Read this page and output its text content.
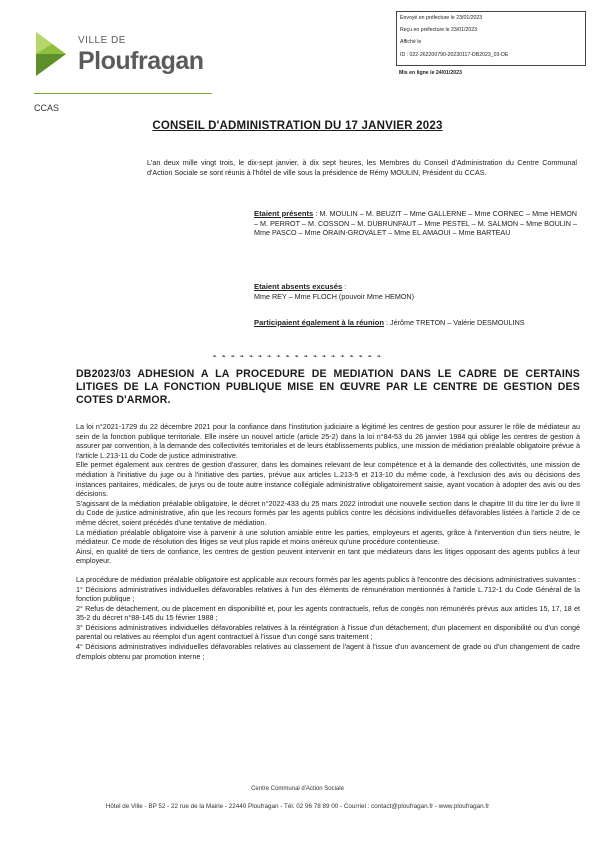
VILLE DE
Ploufragan
CCAS
Envoyé en préfecture le 23/01/2023
Reçu en préfecture le 23/01/2023
Affiché le
ID : 022-262200790-20230117-DB2023_03-DE
Mis en ligne le 24/01/2023
CONSEIL D'ADMINISTRATION DU 17 JANVIER 2023
L'an deux mille vingt trois, le dix-sept janvier, à dix sept heures, les Membres du Conseil d'Administration du Centre Communal d'Action Sociale se sont réunis à l'hôtel de ville sous la présidence de Rémy MOULIN, Président du CCAS.
Etaient présents : M. MOULIN – M. BEUZIT – Mme GALLERNE – Mme CORNEC – Mme HEMON – M. PERROT – M. COSSON – M. DUBRUNFAUT – Mme PESTEL – M. SALMON – Mme BOULIN – Mme PASCO – Mme ORAIN-GROVALET – Mme EL AMAOUI – Mme BARTEAU
Etaient absents excusés :
Mme REY – Mme FLOCH (pouvoir Mme HEMON)
Participaient également à la réunion : Jérôme TRETON – Valérie DESMOULINS
❧ ❧ ❧ ❧ ❧ ❧ ❧ ❧ ❧ ❧ ❧ ❧ ❧ ❧ ❧ ❧ ❧ ❧ ❧
DB2023/03 ADHESION A LA PROCEDURE DE MEDIATION DANS LE CADRE DE CERTAINS LITIGES DE LA FONCTION PUBLIQUE MISE EN ŒUVRE PAR LE CENTRE DE GESTION DES COTES D'ARMOR.

La loi n°2021-1729 du 22 décembre 2021 pour la confiance dans l'institution judiciaire a légitimé les centres de gestion pour assurer le rôle de médiateur au sein de la fonction publique territoriale. Elle insère un nouvel article (article 25-2) dans la loi n°84-53 du 26 janvier 1984 qui oblige les centres de gestion à assurer par convention, à la demande des collectivités territoriales et de leurs établissements publics, une mission de médiation préalable obligatoire prévue à l'article L.213-11 du Code de justice administrative.

Elle permet également aux centres de gestion d'assurer, dans les domaines relevant de leur compétence et à la demande des collectivités, une mission de médiation à l'initiative du juge ou à l'initiative des parties, prévue aux articles L.213-5 et 213-10 du même code, à l'exclusion des avis ou décisions des instances paritaires, médicales, de jurys ou de toute autre instance collégiale administrative obligatoirement saisie, ayant vocation à adopter des avis ou des décisions.

S'agissant de la médiation préalable obligatoire, le décret n°2022-433 du 25 mars 2022 introduit une nouvelle section dans le chapitre III du titre Ier du livre II du Code de justice administrative, afin que les recours formés par les agents publics contre les décisions individuelles défavorables listées à l'article 2 de ce même décret, soient précédés d'une tentative de médiation.

La médiation préalable obligatoire vise à parvenir à une solution amiable entre les parties, employeurs et agents, grâce à l'intervention d'un tiers neutre, le médiateur. Ce mode de résolution des litiges se veut plus rapide et moins onéreux qu'une procédure contentieuse.

Ainsi, en qualité de tiers de confiance, les centres de gestion peuvent intervenir en tant que médiateurs dans les litiges opposant des agents publics à leur employeur.

La procédure de médiation préalable obligatoire est applicable aux recours formés par les agents publics à l'encontre des décisions administratives suivantes :

1° Décisions administratives individuelles défavorables relatives à l'un des éléments de rémunération mentionnés à l'article L.712-1 du Code Général de la fonction publique ;

2° Refus de détachement, ou de placement en disponibilité et, pour les agents contractuels, refus de congés non rémunérés prévus aux articles 15, 17, 18 et 35-2 du décret n°88-145 du 15 février 1988 ;

3° Décisions administratives individuelles défavorables relatives à la réintégration à l'issue d'un détachement, d'un placement en disponibilité ou d'un congé parental ou relatives au réemploi d'un agent contractuel à l'issue d'un congé sans traitement ;

4° Décisions administratives individuelles défavorables relatives au classement de l'agent à l'issue d'un avancement de grade ou d'un changement de cadre d'emplois obtenu par promotion interne ;

Centre Communal d'Action Sociale
Hôtel de Ville - BP 52 - 22 rue de la Mairie - 22440 Ploufragan - Tél. 02 96 78 89 00 - Courriel : contact@ploufragan.fr - www.ploufragan.fr
